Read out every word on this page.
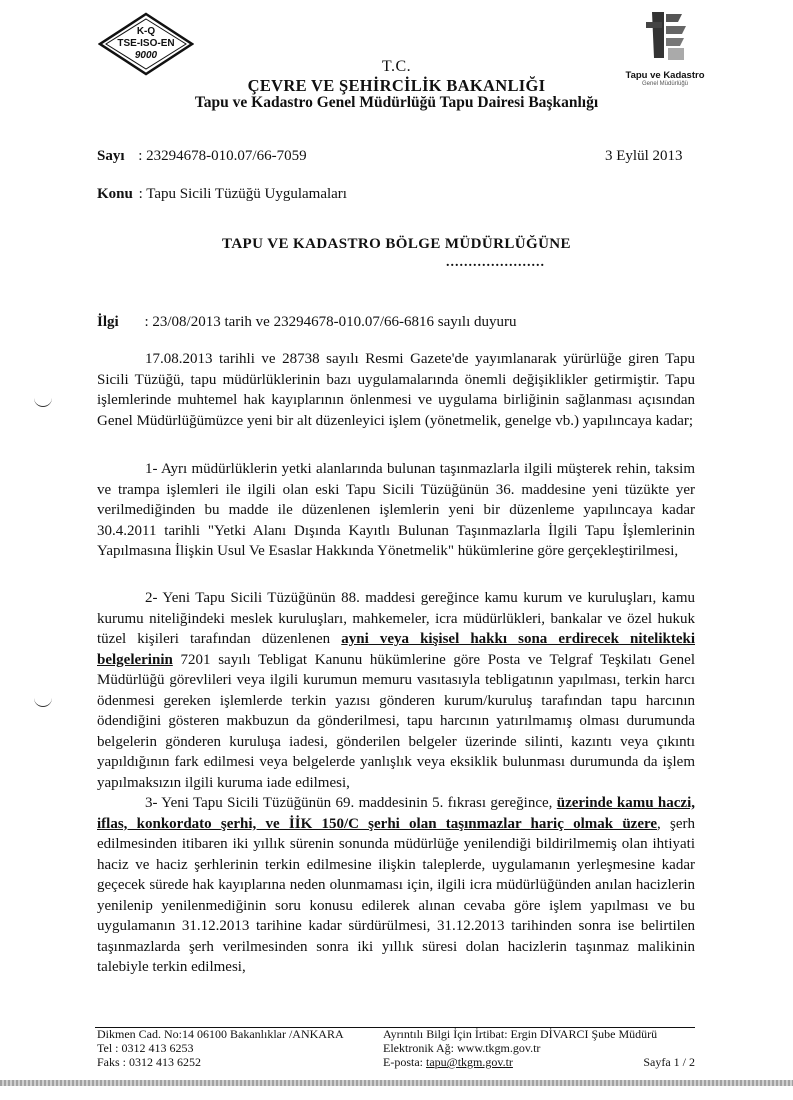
K-Q
TSE-ISO-EN
9000
Tapu ve Kadastro
Genel Müdürlüğü
T.C.
ÇEVRE VE ŞEHİRCİLİK BAKANLIĞI
Tapu ve Kadastro Genel Müdürlüğü Tapu Dairesi Başkanlığı
Sayı : 23294678-010.07/66-7059	3 Eylül 2013
Konu : Tapu Sicili Tüzüğü Uygulamaları
TAPU VE KADASTRO BÖLGE MÜDÜRLÜĞÜNE
......................
İlgi : 23/08/2013 tarih ve 23294678-010.07/66-6816 sayılı duyuru
17.08.2013 tarihli ve 28738 sayılı Resmi Gazete'de yayımlanarak yürürlüğe giren Tapu Sicili Tüzüğü, tapu müdürlüklerinin bazı uygulamalarında önemli değişiklikler getirmiştir. Tapu işlemlerinde muhtemel hak kayıplarının önlenmesi ve uygulama birliğinin sağlanması açısından Genel Müdürlüğümüzce yeni bir alt düzenleyici işlem (yönetmelik, genelge vb.) yapılıncaya kadar;
1- Ayrı müdürlüklerin yetki alanlarında bulunan taşınmazlarla ilgili müşterek rehin, taksim ve trampa işlemleri ile ilgili olan eski Tapu Sicili Tüzüğünün 36. maddesine yeni tüzükte yer verilmediğinden bu madde ile düzenlenen işlemlerin yeni bir düzenleme yapılıncaya kadar 30.4.2011 tarihli "Yetki Alanı Dışında Kayıtlı Bulunan Taşınmazlarla İlgili Tapu İşlemlerinin Yapılmasına İlişkin Usul Ve Esaslar Hakkında Yönetmelik" hükümlerine göre gerçekleştirilmesi,
2- Yeni Tapu Sicili Tüzüğünün 88. maddesi gereğince kamu kurum ve kuruluşları, kamu kurumu niteliğindeki meslek kuruluşları, mahkemeler, icra müdürlükleri, bankalar ve özel hukuk tüzel kişileri tarafından düzenlenen ayni veya kişisel hakkı sona erdirecek nitelikteki belgelerinin 7201 sayılı Tebligat Kanunu hükümlerine göre Posta ve Telgraf Teşkilatı Genel Müdürlüğü görevlileri veya ilgili kurumun memuru vasıtasıyla tebligatının yapılması, terkin harcı ödenmesi gereken işlemlerde terkin yazısı gönderen kurum/kuruluş tarafından tapu harcının ödendiğini gösteren makbuzun da gönderilmesi, tapu harcının yatırılmamış olması durumunda belgelerin gönderen kuruluşa iadesi, gönderilen belgeler üzerinde silinti, kazıntı veya çıkıntı yapıldığının fark edilmesi veya belgelerde yanlışlık veya eksiklik bulunması durumunda da işlem yapılmaksızın ilgili kuruma iade edilmesi,
3- Yeni Tapu Sicili Tüzüğünün 69. maddesinin 5. fıkrası gereğince, üzerinde kamu haczi, iflas, konkordato şerhi, ve İİK 150/C şerhi olan taşınmazlar hariç olmak üzere, şerh edilmesinden itibaren iki yıllık sürenin sonunda müdürlüğe yenilendiği bildirilmemiş olan ihtiyati haciz ve haciz şerhlerinin terkin edilmesine ilişkin taleplerde, uygulamanın yerleşmesine kadar geçecek sürede hak kayıplarına neden olunmaması için, ilgili icra müdürlüğünden anılan hacizlerin yenilenip yenilenmediğinin soru konusu edilerek alınan cevaba göre işlem yapılması ve bu uygulamanın 31.12.2013 tarihine kadar sürdürülmesi, 31.12.2013 tarihinden sonra ise belirtilen taşınmazlarda şerh verilmesinden sonra iki yıllık süresi dolan hacizlerin taşınmaz malikinin talebiyle terkin edilmesi,
Dikmen Cad. No:14 06100 Bakanlıklar /ANKARA
Tel : 0312 413 6253
Faks : 0312 413 6252
Ayrıntılı Bilgi İçin İrtibat: Ergin DİVARCI Şube Müdürü
Elektronik Ağ: www.tkgm.gov.tr
E-posta: tapu@tkgm.gov.tr	Sayfa 1 / 2
